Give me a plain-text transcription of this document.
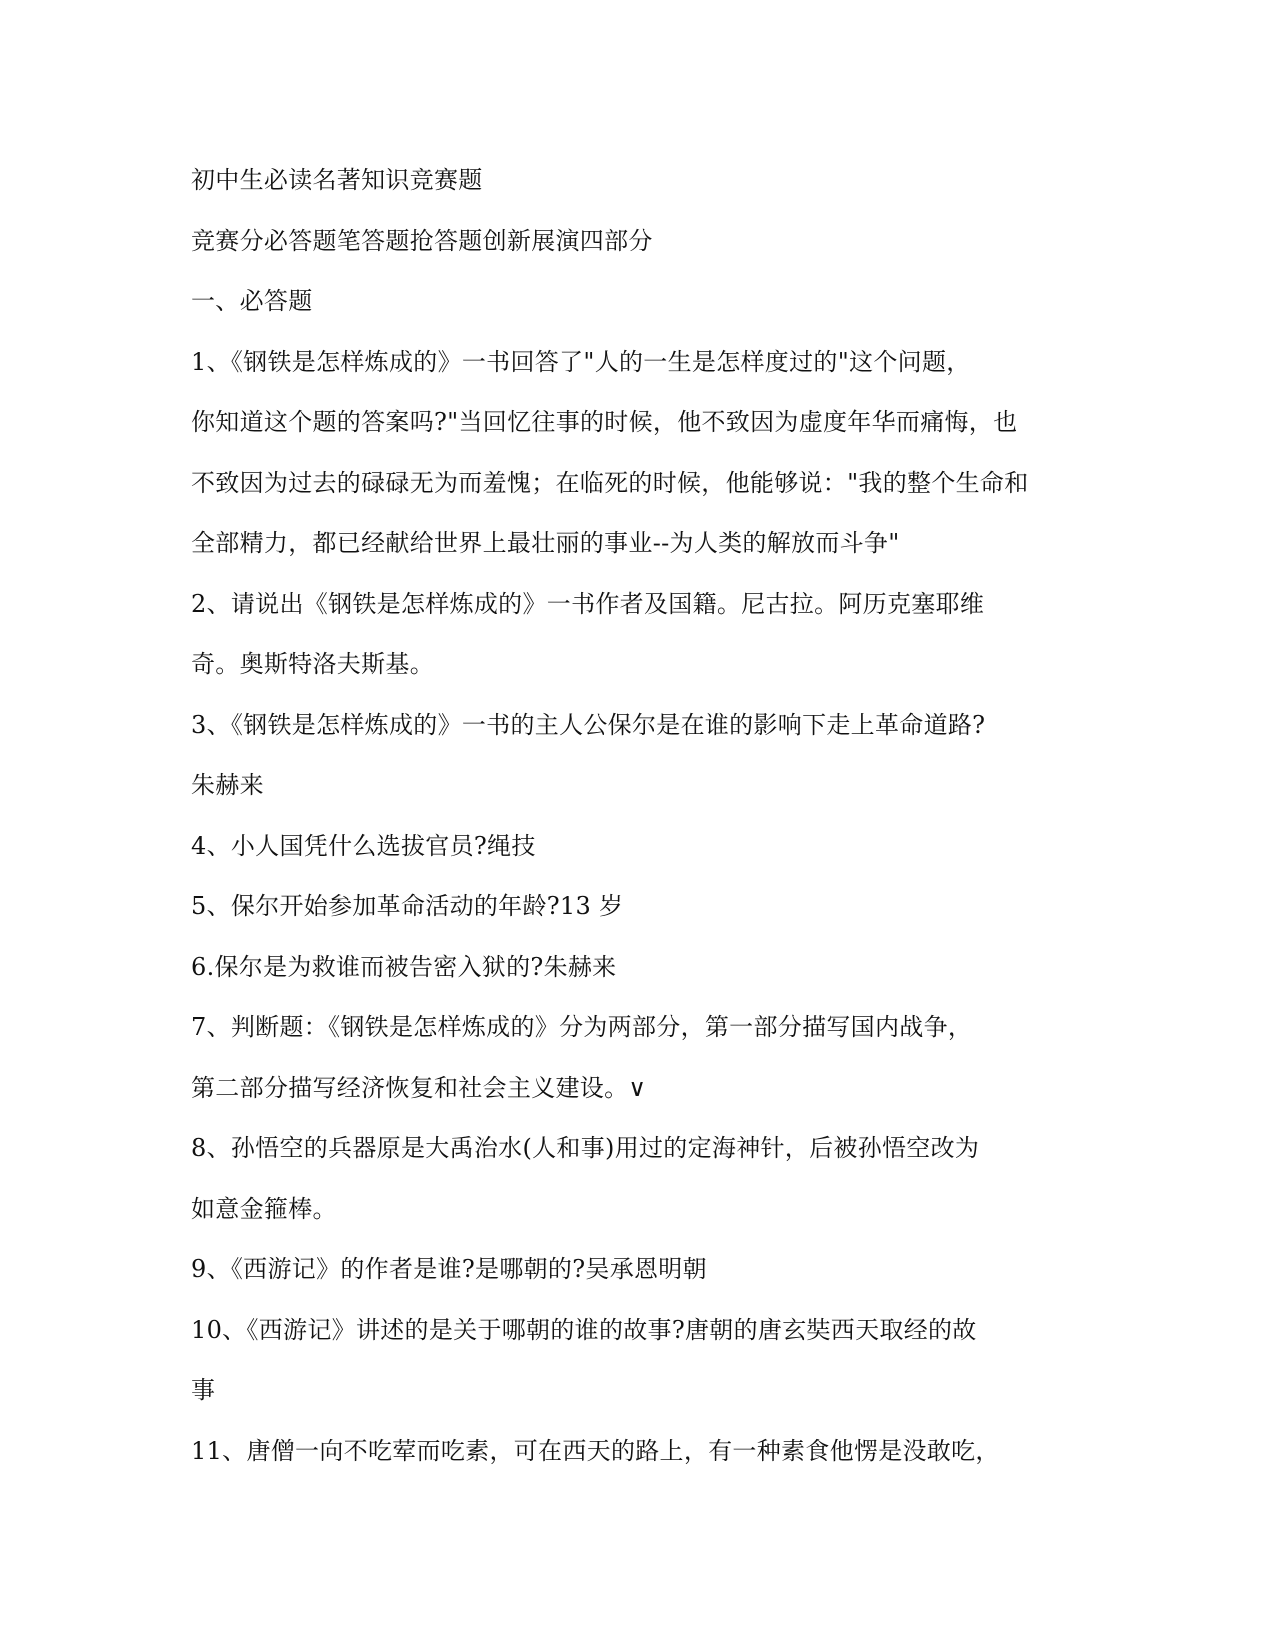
初中生必读名著知识竞赛题
竞赛分必答题笔答题抢答题创新展演四部分
一、必答题
1、《钢铁是怎样炼成的》一书回答了"人的一生是怎样度过的"这个问题，
你知道这个题的答案吗?"当回忆往事的时候，他不致因为虚度年华而痛悔，也
不致因为过去的碌碌无为而羞愧；在临死的时候，他能够说："我的整个生命和
全部精力，都已经献给世界上最壮丽的事业--为人类的解放而斗争"
2、请说出《钢铁是怎样炼成的》一书作者及国籍。尼古拉。阿历克塞耶维
奇。奥斯特洛夫斯基。
3、《钢铁是怎样炼成的》一书的主人公保尔是在谁的影响下走上革命道路?
朱赫来
4、小人国凭什么选拔官员?绳技
5、保尔开始参加革命活动的年龄?13 岁
6.保尔是为救谁而被告密入狱的?朱赫来
7、判断题：《钢铁是怎样炼成的》分为两部分，第一部分描写国内战争，
第二部分描写经济恢复和社会主义建设。∨
8、孙悟空的兵器原是大禹治水(人和事)用过的定海神针，后被孙悟空改为
如意金箍棒。
9、《西游记》的作者是谁?是哪朝的?吴承恩明朝
10、《西游记》讲述的是关于哪朝的谁的故事?唐朝的唐玄奘西天取经的故
事
11、唐僧一向不吃荤而吃素，可在西天的路上，有一种素食他愣是没敢吃，
